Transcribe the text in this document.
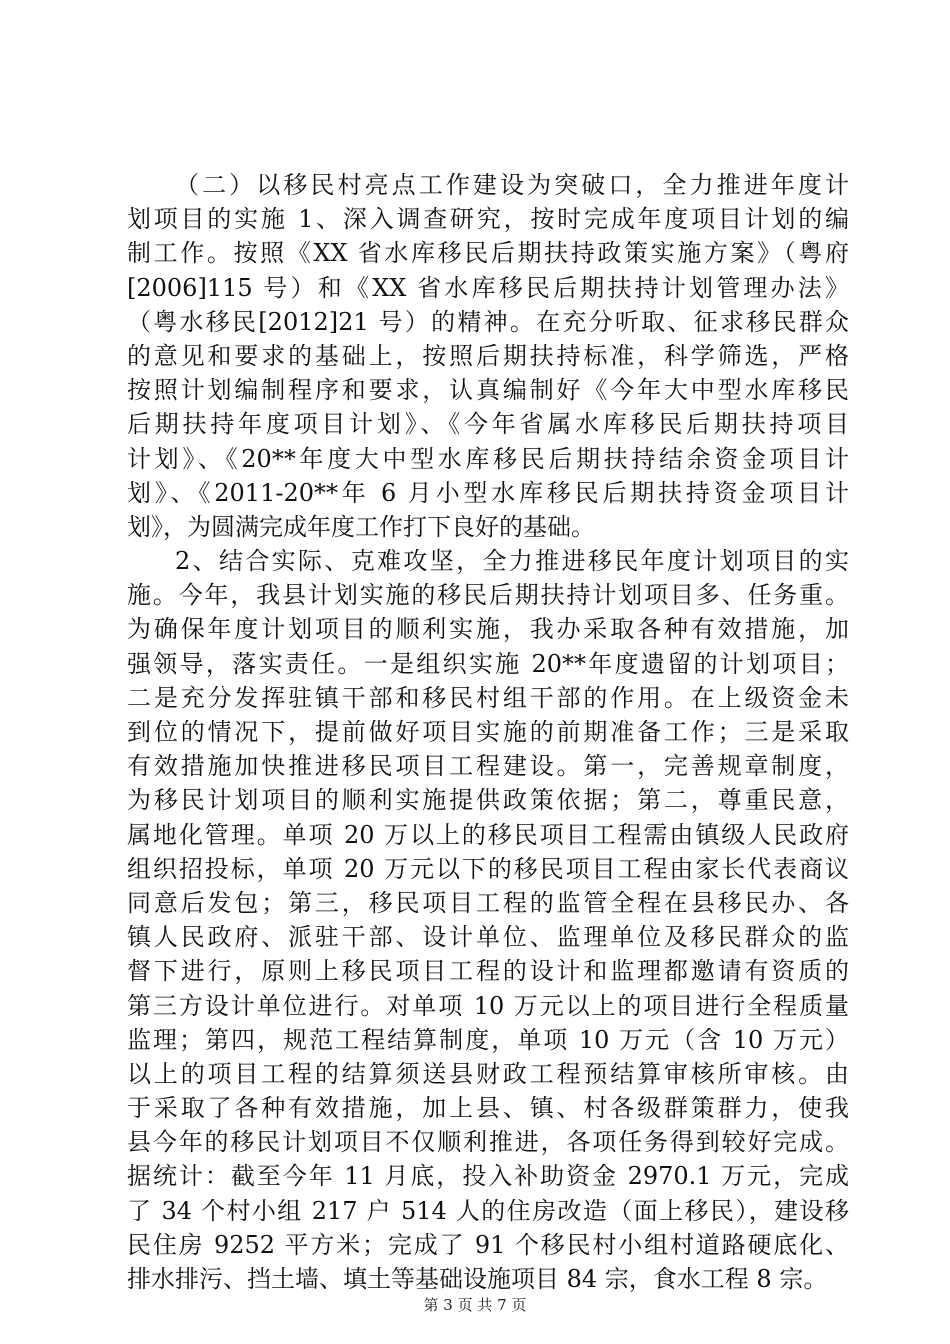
（二）以移民村亮点工作建设为突破口，全力推进年度计
划项目的实施 1、深入调查研究，按时完成年度项目计划的编
制工作。按照《XX 省水库移民后期扶持政策实施方案》（粤府
[2006]115 号）和《XX 省水库移民后期扶持计划管理办法》
（粤水移民[2012]21 号）的精神。在充分听取、征求移民群众
的意见和要求的基础上，按照后期扶持标准，科学筛选，严格
按照计划编制程序和要求，认真编制好《今年大中型水库移民
后期扶持年度项目计划》、《今年省属水库移民后期扶持项目
计划》、《20**年度大中型水库移民后期扶持结余资金项目计
划》、《2011-20**年 6 月小型水库移民后期扶持资金项目计
划》，为圆满完成年度工作打下良好的基础。
2、结合实际、克难攻坚，全力推进移民年度计划项目的实
施。今年，我县计划实施的移民后期扶持计划项目多、任务重。
为确保年度计划项目的顺利实施，我办采取各种有效措施，加
强领导，落实责任。一是组织实施 20**年度遗留的计划项目；
二是充分发挥驻镇干部和移民村组干部的作用。在上级资金未
到位的情况下，提前做好项目实施的前期准备工作；三是采取
有效措施加快推进移民项目工程建设。第一，完善规章制度，
为移民计划项目的顺利实施提供政策依据；第二，尊重民意，
属地化管理。单项 20 万以上的移民项目工程需由镇级人民政府
组织招投标，单项 20 万元以下的移民项目工程由家长代表商议
同意后发包；第三，移民项目工程的监管全程在县移民办、各
镇人民政府、派驻干部、设计单位、监理单位及移民群众的监
督下进行，原则上移民项目工程的设计和监理都邀请有资质的
第三方设计单位进行。对单项 10 万元以上的项目进行全程质量
监理；第四，规范工程结算制度，单项 10 万元（含 10 万元）
以上的项目工程的结算须送县财政工程预结算审核所审核。由
于采取了各种有效措施，加上县、镇、村各级群策群力，使我
县今年的移民计划项目不仅顺利推进，各项任务得到较好完成。
据统计：截至今年 11 月底，投入补助资金 2970.1 万元，完成
了 34 个村小组 217 户 514 人的住房改造（面上移民），建设移
民住房 9252 平方米；完成了 91 个移民村小组村道路硬底化、
排水排污、挡土墙、填土等基础设施项目 84 宗，食水工程 8 宗。
第 3 页 共 7 页
